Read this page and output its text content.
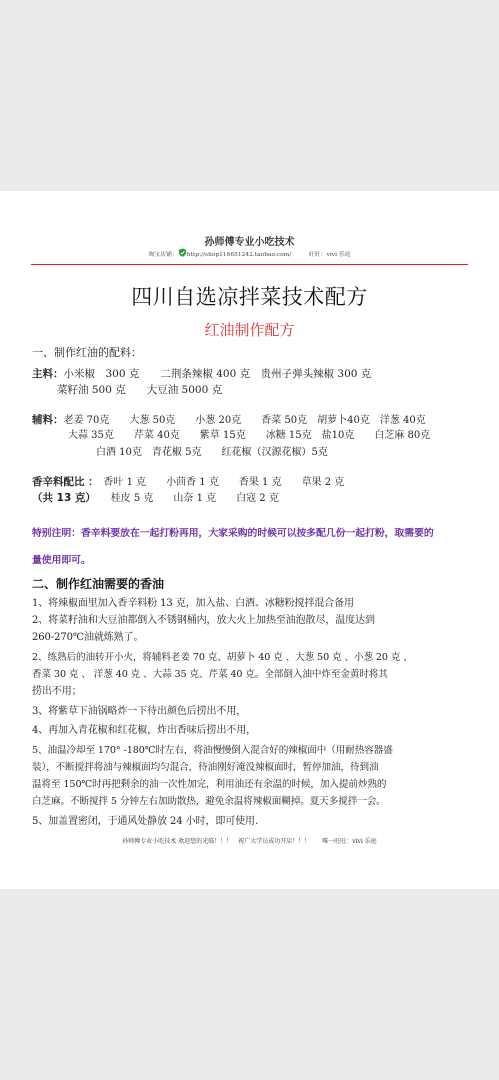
孙师傅专业小吃技术
淘宝店铺： http://shop116651242.taobao.com/　　　	旺旺：vivi 乐庭
四川自选凉拌菜技术配方
红油制作配方
一、制作红油的配料：
主料：小米椒　300 克　　二荆条辣椒 400 克　贵州子弹头辣椒 300 克
菜籽油 500 克　　大豆油 5000 克
辅料：老姜 70克　　大葱 50克　　小葱 20克　　香菜 50克　胡萝卜40克　洋葱 40克
大蒜 35克　　芹菜 40克　　紫草 15克　　冰糖 15克　盐10克　　白芝麻 80克
白酒 10克　青花椒 5克　　红花椒（汉源花椒）5克
香辛料配比 ：　 香叶 1 克　　小茴香 1 克　　香果 1 克　　草果 2 克
（共 13 克）　　 桂皮 5 克　　山奈 1 克　　白寇 2 克
特别注明：香辛料要放在一起打粉再用，大家采购的时候可以按多配几份一起打粉，取需要的
量使用即可。
二、制作红油需要的香油
1、将辣椒面里加入香辛料粉 13 克，加入盐、白酒、冰糖粉搅拌混合备用
2、将菜籽油和大豆油都倒入不锈钢桶内，放大火上加热至油泡散尽，温度达到
260-270℃油就炼熟了。
2、练熟后的油转开小火，将辅料老姜 70 克、胡萝卜 40 克 、大葱 50 克 、小葱 20 克 、
香菜 30 克 、 洋葱 40 克 、大蒜 35 克、芹菜 40 克。全部倒入油中炸至金黄时将其
捞出不用；
3、将紫草下油锅略炸一下待出颜色后捞出不用，
4、再加入青花椒和红花椒，炸出香味后捞出不用，
5、油温冷却至 170° -180℃时左右，将油慢慢倒入混合好的辣椒面中（用耐热容器盛
装），不断搅拌将油与辣椒面均匀混合，待油刚好淹没辣椒面时，暂停加油，待到油
温将至 150℃时再把剩余的油一次性加完，利用油还有余温的时候，加入提前炒熟的
白芝麻。不断搅拌 5 分钟左右加助散热，避免余温将辣椒面糊掉。夏天多搅拌一会。
5、加盖置密闭，于通风处静放 24 小时，即可使用.
孙师傅专业小吃技术 欢迎您的光临！！！　祝广大学员成功开店！！！　　唯一旺旺：vivi 乐庭
